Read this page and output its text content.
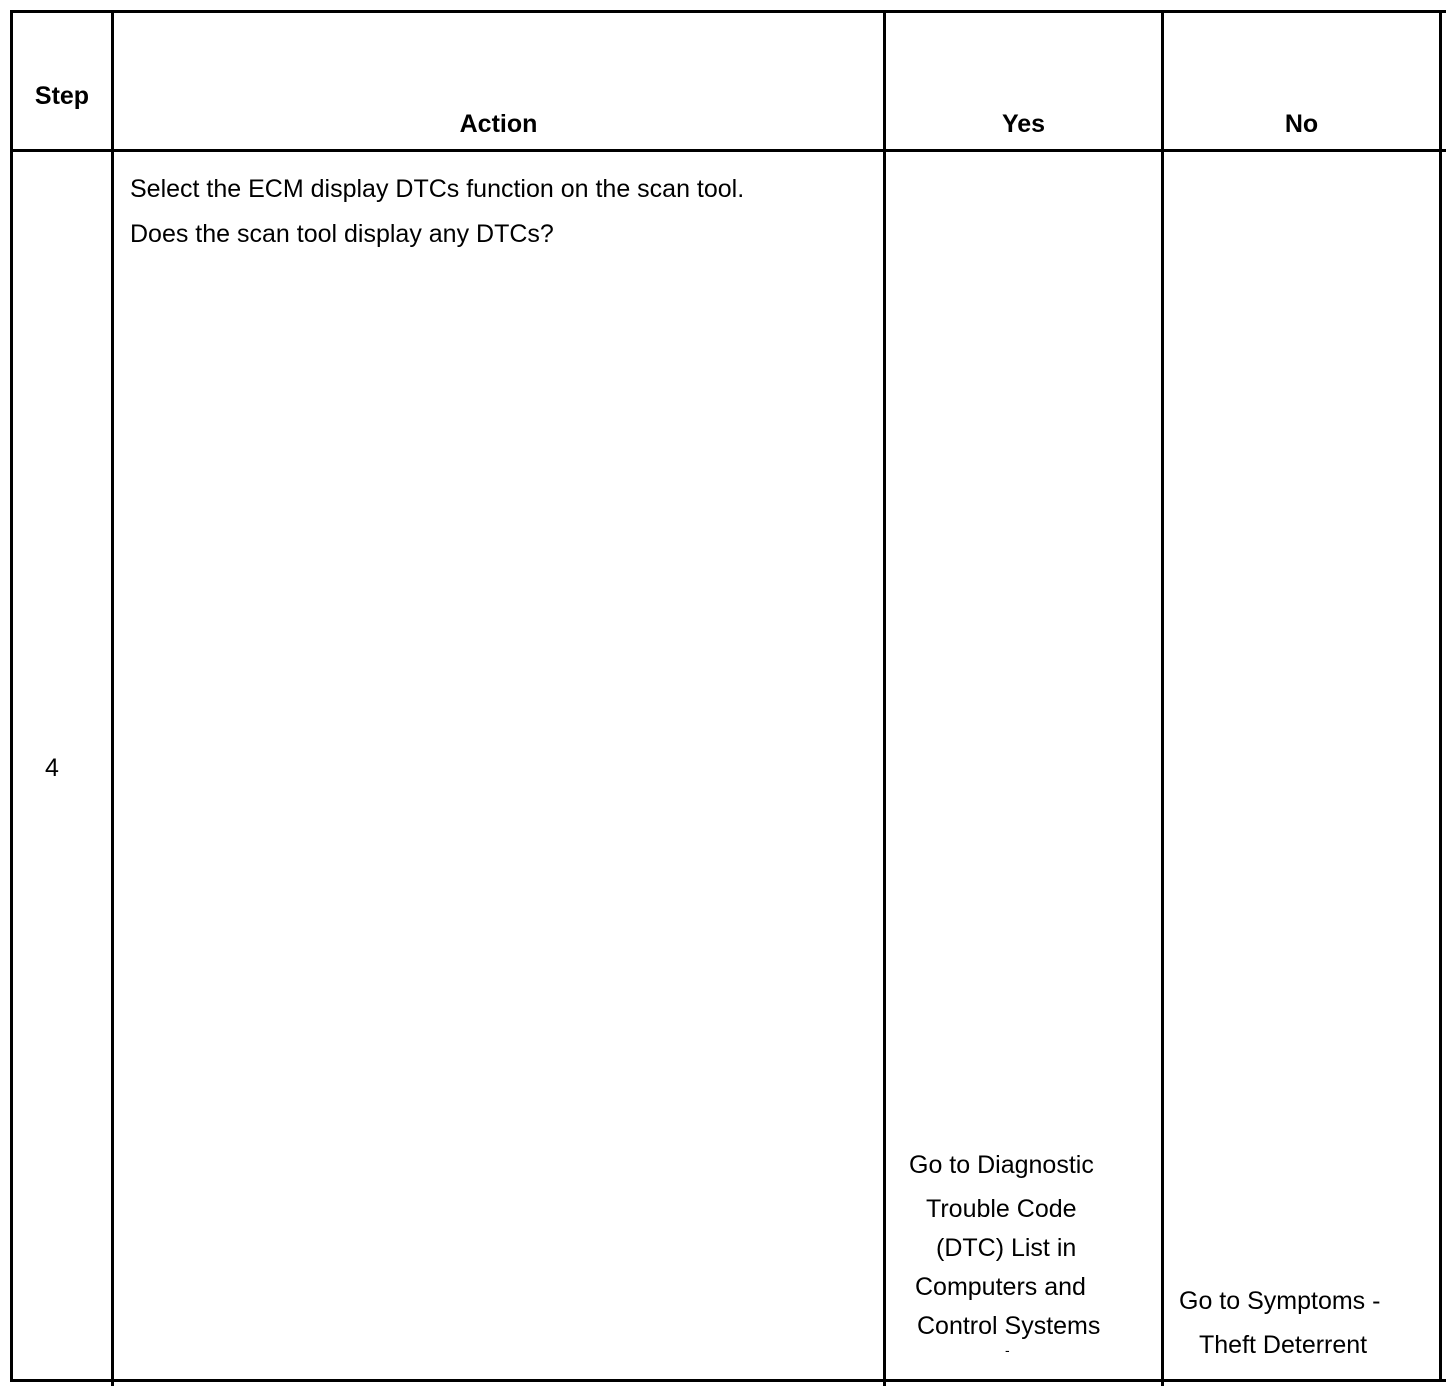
Step
Action	Yes	No
4
Select the ECM display DTCs function on the scan tool.
Does the scan tool display any DTCs?
Go to Diagnostic
Trouble Code
(DTC) List in
Computers and
Control Systems
-
Go to Symptoms -
Theft Deterrent
